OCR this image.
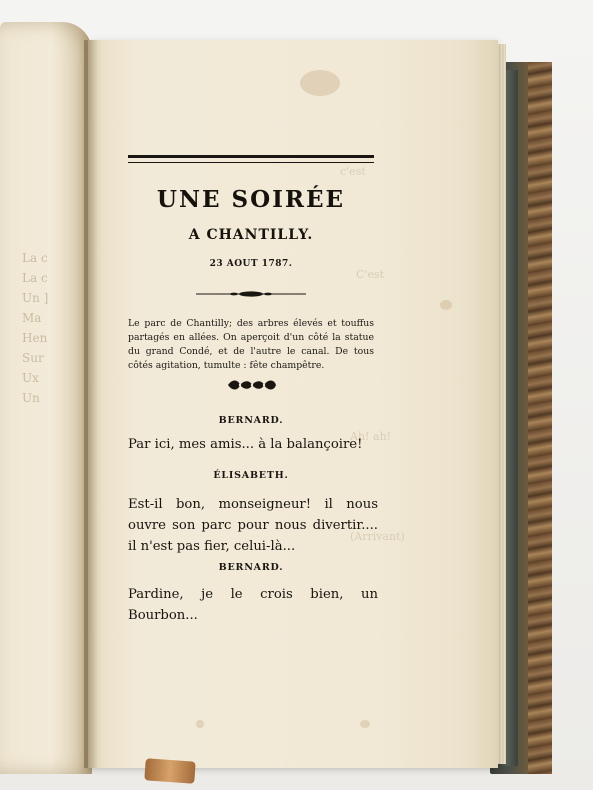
La c
La c
Un ]
Ma
Hen
Sur
Ux
Un
c'est
C'est
Ah! ah!
(Arrivant)
UNE SOIRÉE
A CHANTILLY.
23 AOUT 1787.
Le parc de Chantilly; des arbres élevés et touffus partagés en allées. On aperçoit d'un côté la statue du grand Condé, et de l'autre le canal. De tous côtés agitation, tumulte : fête champêtre.
BERNARD.
Par ici, mes amis... à la balançoire!
ÉLISABETH.
Est-il bon, monseigneur! il nous ouvre son parc pour nous divertir.... il n'est pas fier, celui-là...
BERNARD.
Pardine, je le crois bien, un Bourbon...
